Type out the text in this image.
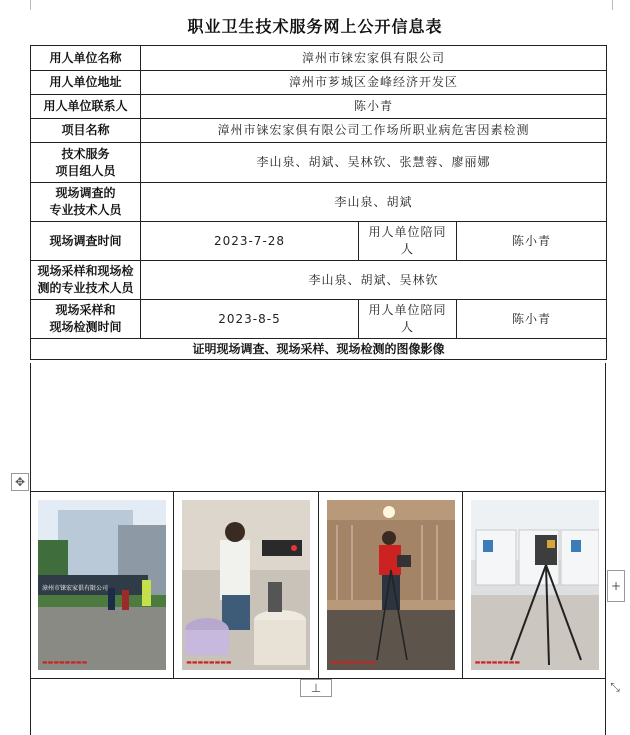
职业卫生技术服务网上公开信息表
用人单位名称	漳州市铼宏家俱有限公司		
用人单位地址	漳州市芗城区金峰经济开发区		
用人单位联系人	陈小青		
项目名称	漳州市铼宏家俱有限公司工作场所职业病危害因素检测		

技术服务
项目组人员	李山泉、胡斌、吴林钦、张慧蓉、廖丽娜		

现场调查的
专业技术人员	李山泉、胡斌		
现场调查时间	2023-7-28	用人单位陪同人	陈小青

现场采样和现场检
测的专业技术人员	李山泉、胡斌、吴林钦		

现场采样和
现场检测时间	2023-8-5	用人单位陪同人	陈小青
证明现场调查、现场采样、现场检测的图像影像			
✥
漳州市铼宏家俱有限公司
▬▬▬▬▬▬▬▬	▬▬▬▬▬▬▬▬	▬▬▬▬▬▬▬▬	▬▬▬▬▬▬▬▬
+
⊥	⤡
